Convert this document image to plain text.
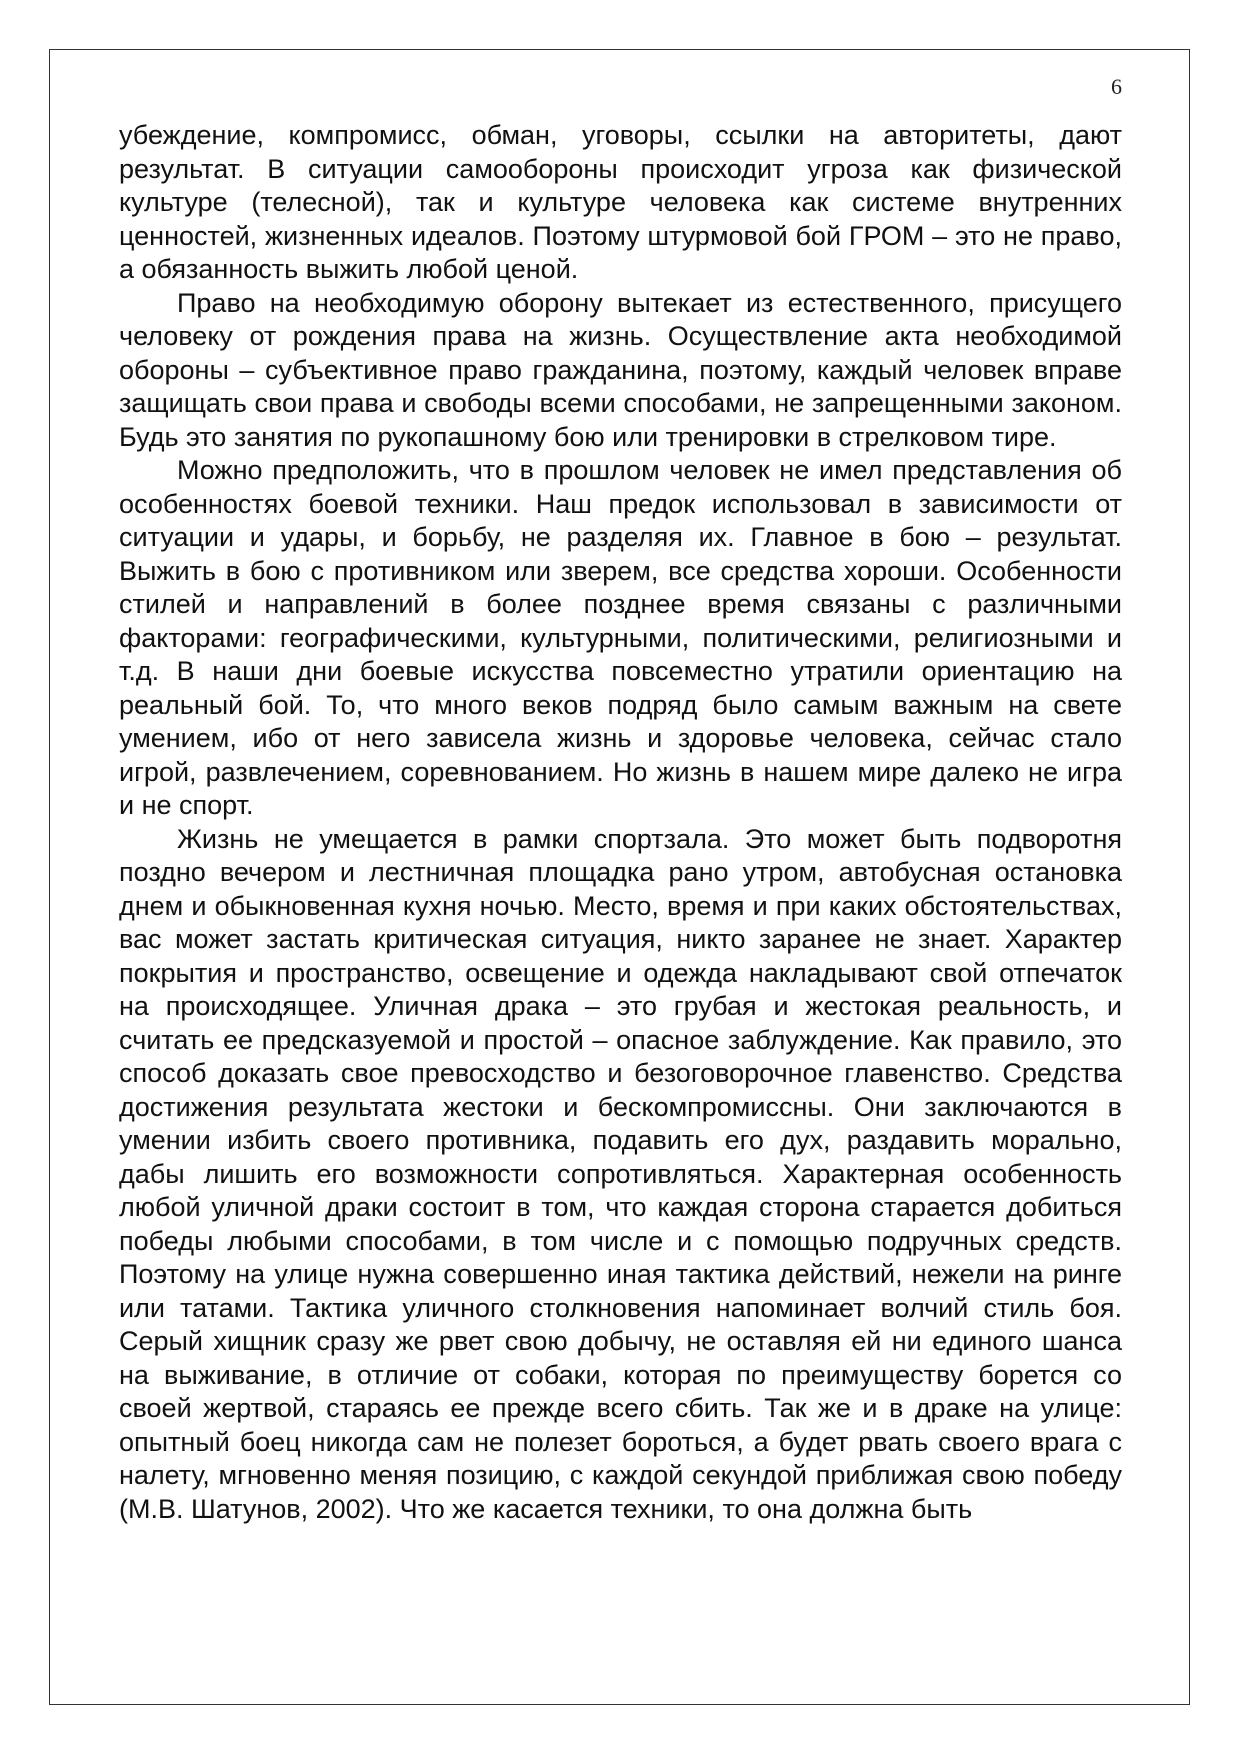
6

убеждение, компромисс, обман, уговоры, ссылки на авторитеты, дают результат. В ситуации самообороны происходит угроза как физической культуре (телесной), так и культуре человека как системе внутренних ценностей, жизненных идеалов. Поэтому штурмовой бой ГРОМ – это не право, а обязанность выжить любой ценой.

Право на необходимую оборону вытекает из естественного, присущего человеку от рождения права на жизнь. Осуществление акта необходимой обороны – субъективное право гражданина, поэтому, каждый человек вправе защищать свои права и свободы всеми способами, не запрещенными законом. Будь это занятия по рукопашному бою или тренировки в стрелковом тире.

Можно предположить, что в прошлом человек не имел представления об особенностях боевой техники. Наш предок использовал в зависимости от ситуации и удары, и борьбу, не разделяя их. Главное в бою – результат. Выжить в бою с противником или зверем, все средства хороши. Особенности стилей и направлений в более позднее время связаны с различными факторами: географическими, культурными, политическими, религиозными и т.д. В наши дни боевые искусства повсеместно утратили ориентацию на реальный бой. То, что много веков подряд было самым важным на свете умением, ибо от него зависела жизнь и здоровье человека, сейчас стало игрой, развлечением, соревнованием. Но жизнь в нашем мире далеко не игра и не спорт.

Жизнь не умещается в рамки спортзала. Это может быть подворотня поздно вечером и лестничная площадка рано утром, автобусная остановка днем и обыкновенная кухня ночью. Место, время и при каких обстоятельствах, вас может застать критическая ситуация, никто заранее не знает. Характер покрытия и пространство, освещение и одежда накладывают свой отпечаток на происходящее. Уличная драка – это грубая и жестокая реальность, и считать ее предсказуемой и простой – опасное заблуждение. Как правило, это способ доказать свое превосходство и безоговорочное главенство. Средства достижения результата жестоки и бескомпромиссны. Они заключаются в умении избить своего противника, подавить его дух, раздавить морально, дабы лишить его возможности сопротивляться. Характерная особенность любой уличной драки состоит в том, что каждая сторона старается добиться победы любыми способами, в том числе и с помощью подручных средств. Поэтому на улице нужна совершенно иная тактика действий, нежели на ринге или татами. Тактика уличного столкновения напоминает волчий стиль боя. Серый хищник сразу же рвет свою добычу, не оставляя ей ни единого шанса на выживание, в отличие от собаки, которая по преимуществу борется со своей жертвой, стараясь ее прежде всего сбить. Так же и в драке на улице: опытный боец никогда сам не полезет бороться, а будет рвать своего врага с налету, мгновенно меняя позицию, с каждой секундой приближая свою победу (М.В. Шатунов, 2002). Что же касается техники, то она должна быть
